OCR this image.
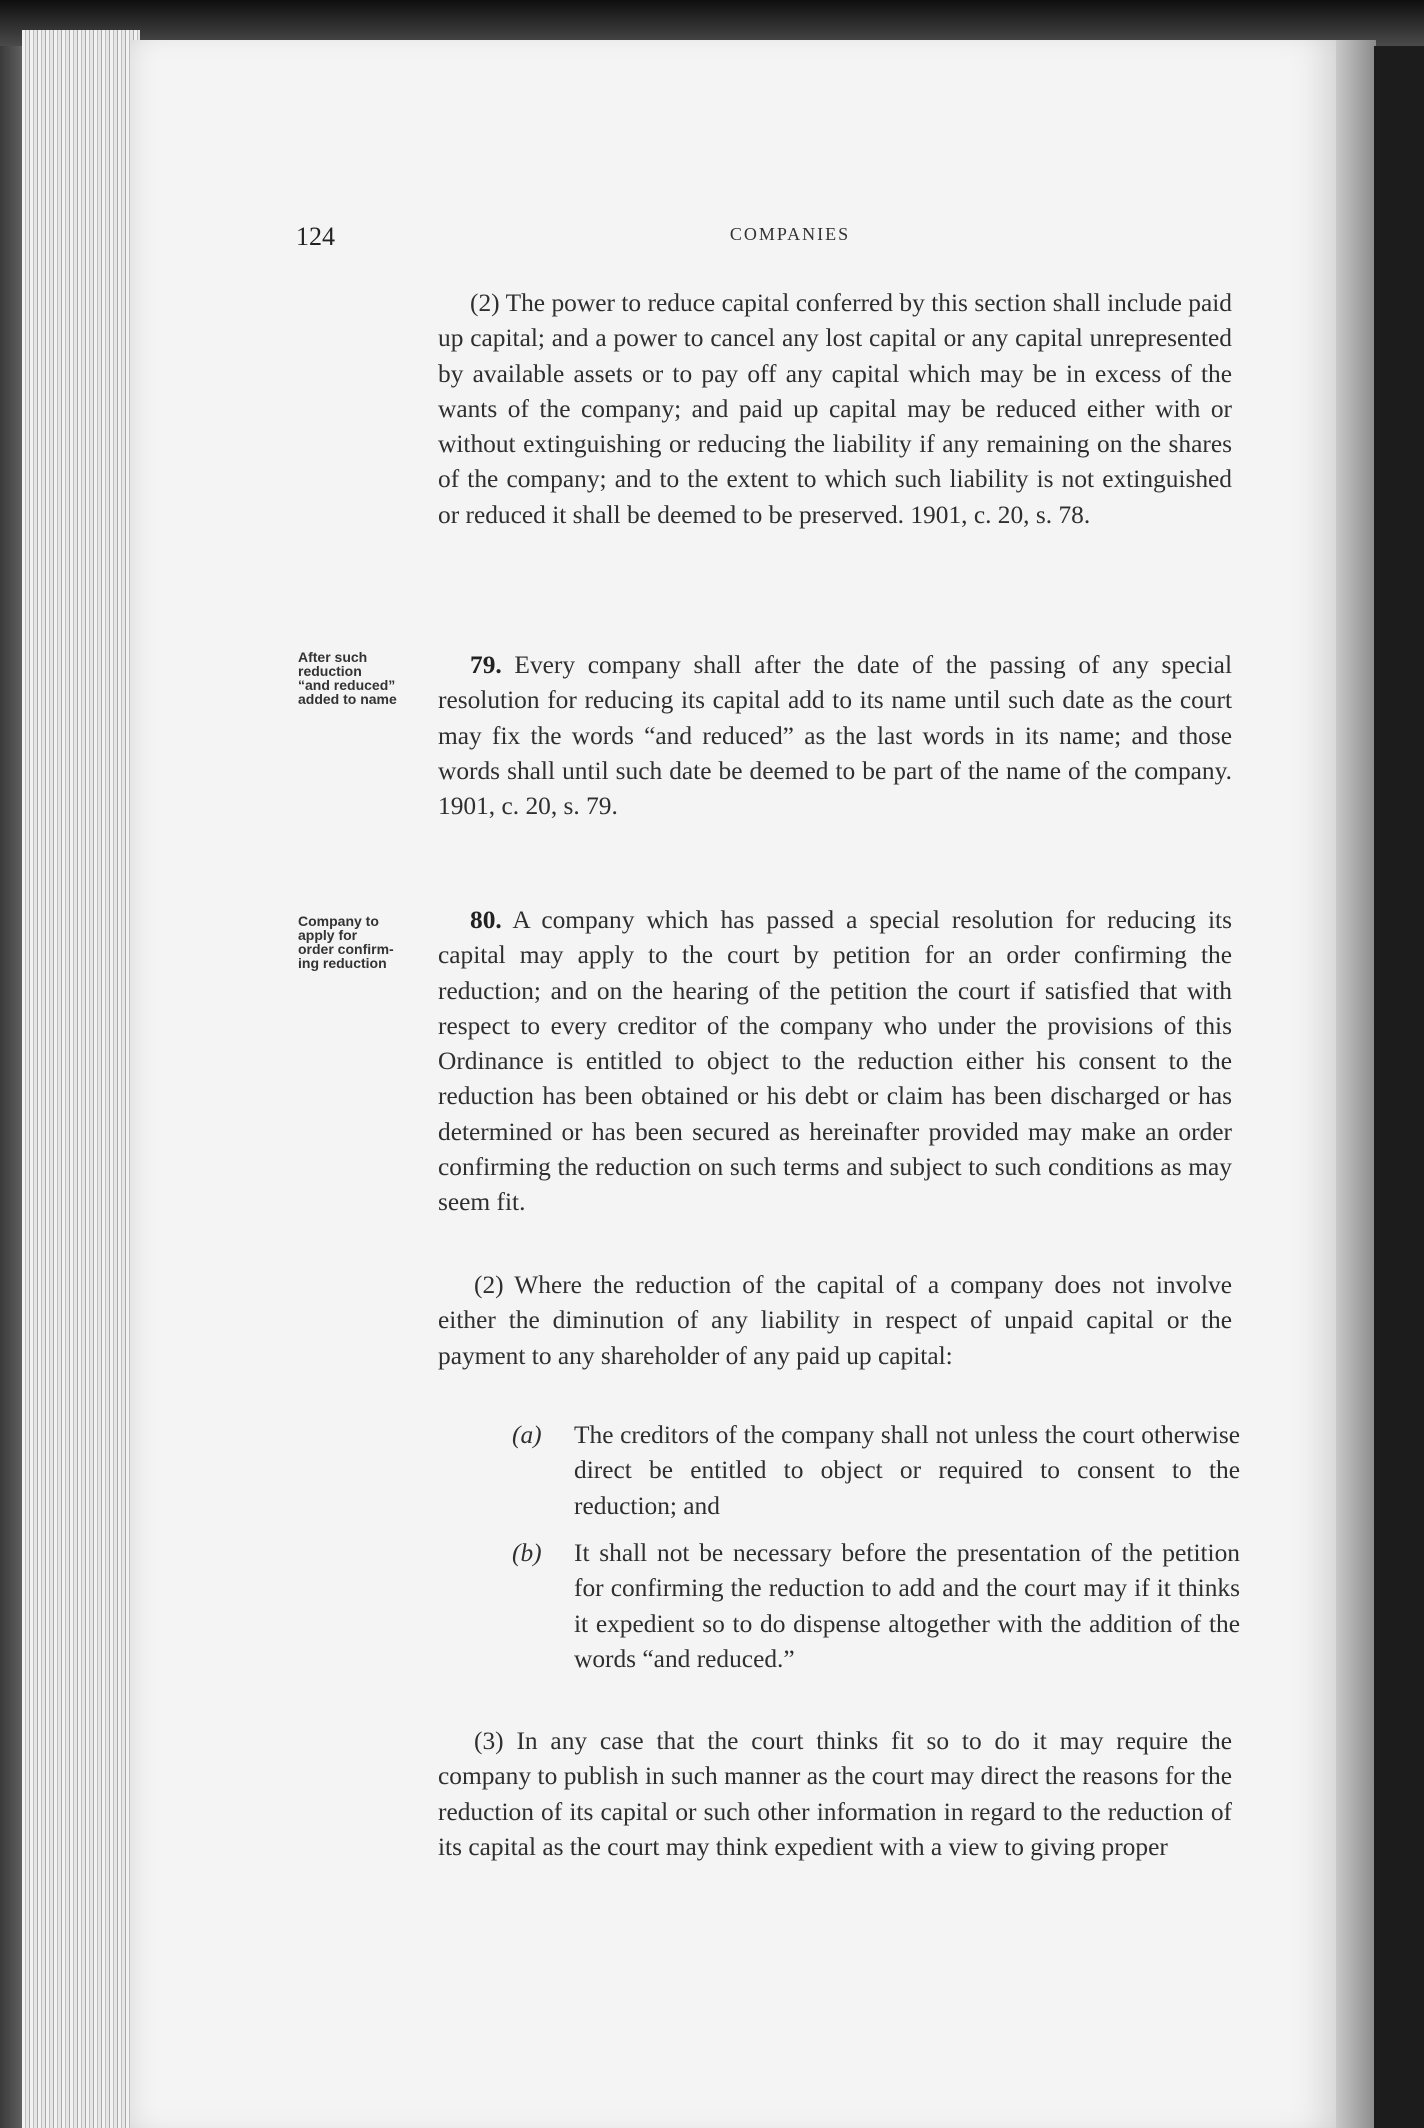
124	COMPANIES

(2) The power to reduce capital conferred by this section shall include paid up capital; and a power to cancel any lost capital or any capital unrepresented by available assets or to pay off any capital which may be in excess of the wants of the company; and paid up capital may be reduced either with or without extinguishing or reducing the liability if any remaining on the shares of the company; and to the extent to which such liability is not extinguished or reduced it shall be deemed to be preserved. 1901, c. 20, s. 78.

After such
reduction
“and reduced”
added to name

79. Every company shall after the date of the passing of any special resolution for reducing its capital add to its name until such date as the court may fix the words “and reduced” as the last words in its name; and those words shall until such date be deemed to be part of the name of the company. 1901, c. 20, s. 79.

Company to
apply for
order confirm-
ing reduction

80. A company which has passed a special resolution for reducing its capital may apply to the court by petition for an order confirming the reduction; and on the hearing of the petition the court if satisfied that with respect to every creditor of the company who under the provisions of this Ordinance is entitled to object to the reduction either his consent to the reduction has been obtained or his debt or claim has been discharged or has determined or has been secured as hereinafter provided may make an order confirming the reduction on such terms and subject to such conditions as may seem fit.

(2) Where the reduction of the capital of a company does not involve either the diminution of any liability in respect of unpaid capital or the payment to any shareholder of any paid up capital:

(a) The creditors of the company shall not unless the court otherwise direct be entitled to object or required to consent to the reduction; and
(b) It shall not be necessary before the presentation of the petition for confirming the reduction to add and the court may if it thinks it expedient so to do dispense altogether with the addition of the words “and reduced.”

(3) In any case that the court thinks fit so to do it may require the company to publish in such manner as the court may direct the reasons for the reduction of its capital or such other information in regard to the reduction of its capital as the court may think expedient with a view to giving proper
